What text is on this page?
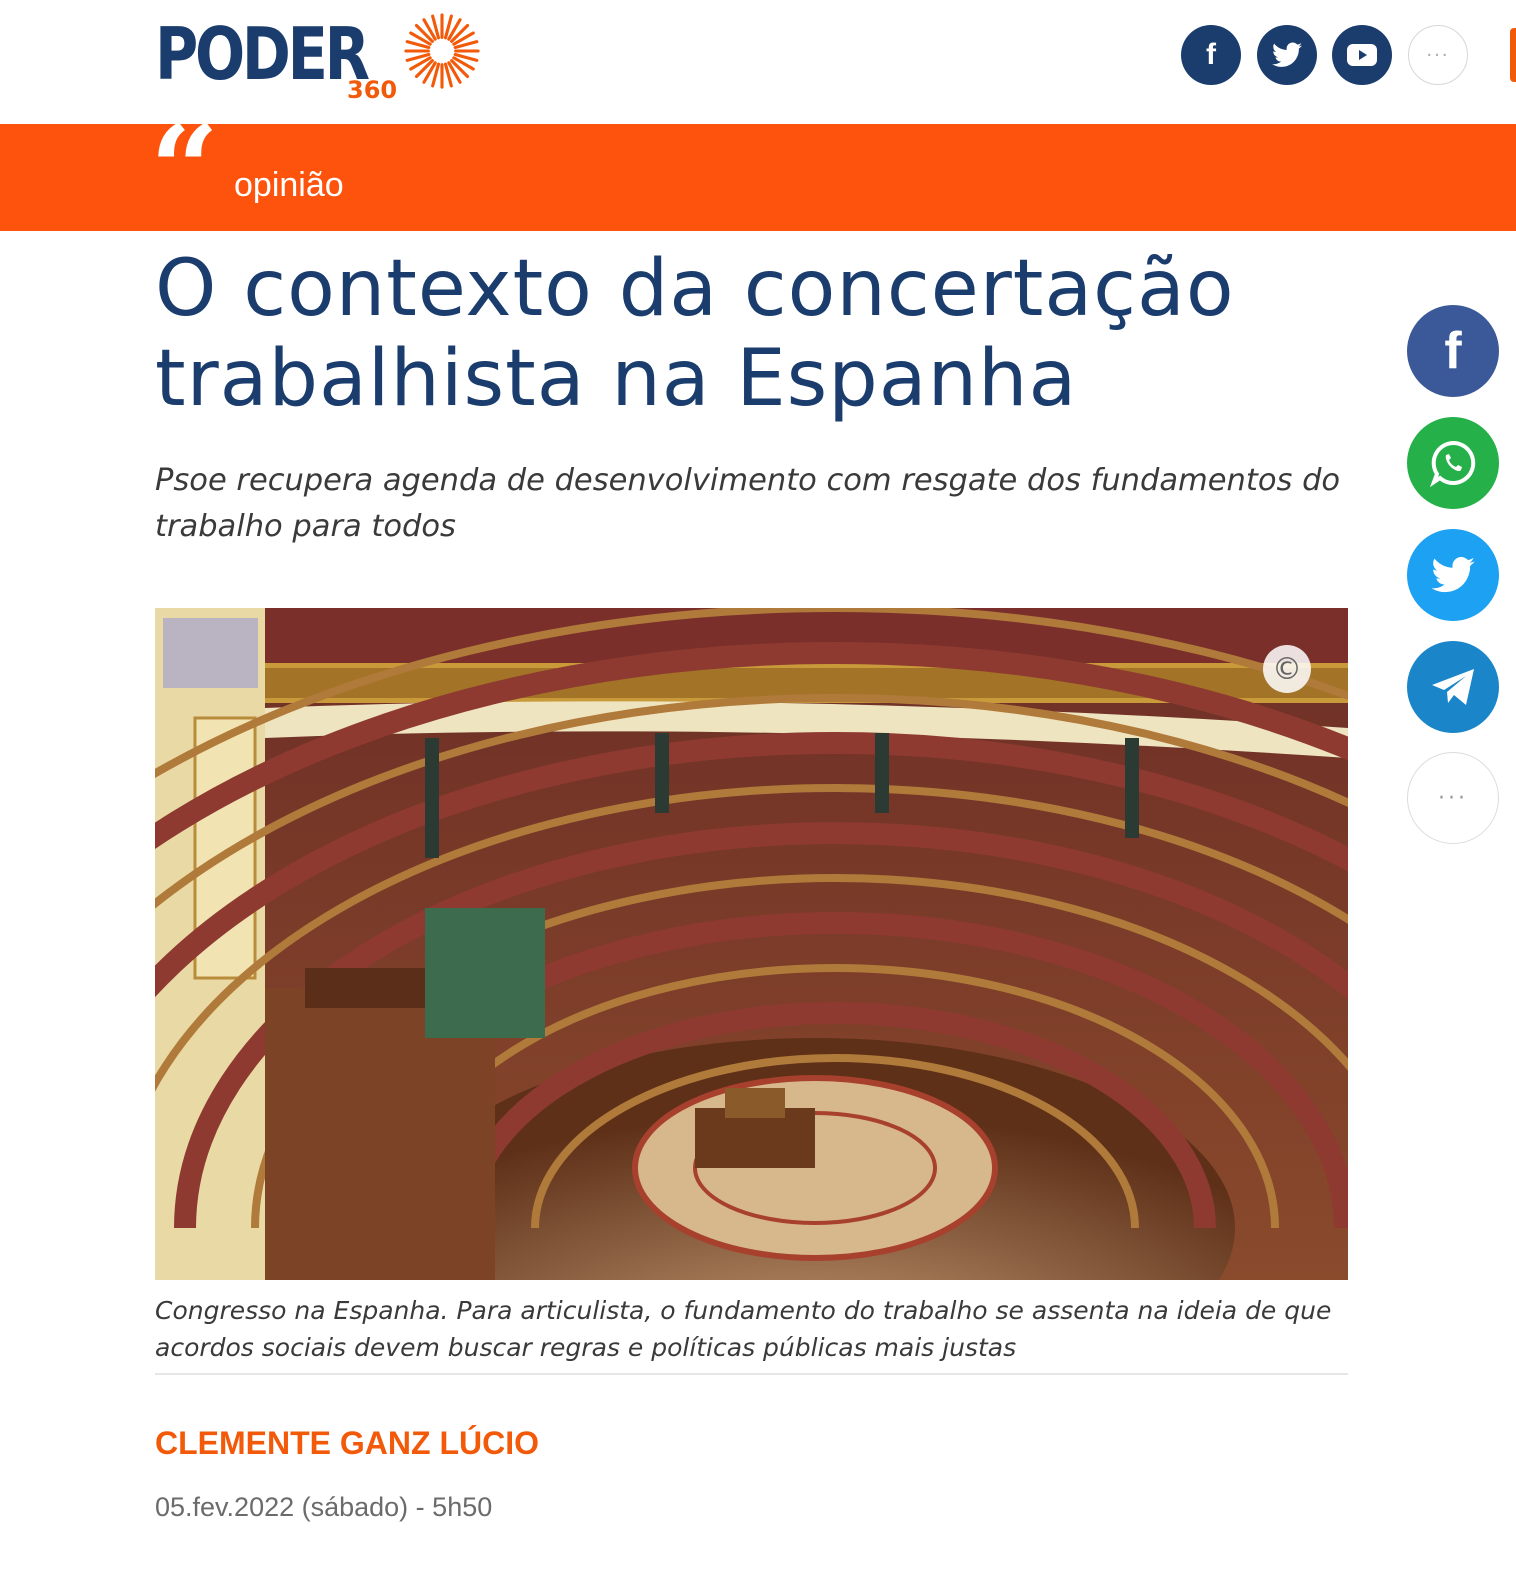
PODER
360
f	···
“ opinião
O contexto da concertação trabalhista na Espanha

Psoe recupera agenda de desenvolvimento com resgate dos fundamentos do trabalho para todos

©

Congresso na Espanha. Para articulista, o fundamento do trabalho se assenta na ideia de que acordos sociais devem buscar regras e políticas públicas mais justas

CLEMENTE GANZ LÚCIO
05.fev.2022 (sábado) - 5h50
f
···
